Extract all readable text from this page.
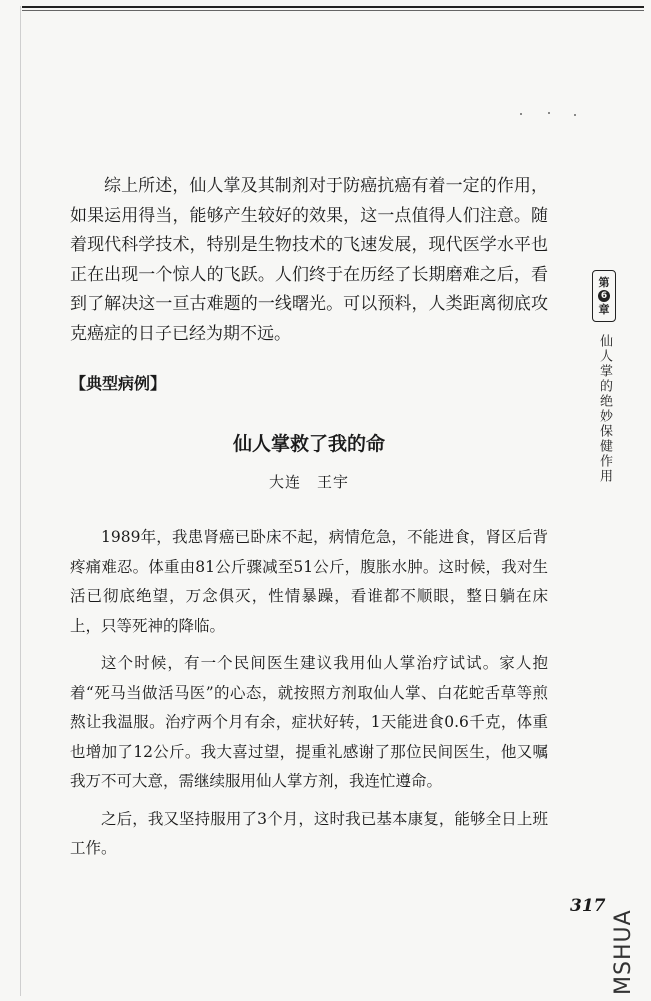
综上所述，仙人掌及其制剂对于防癌抗癌有着一定的作用，如果运用得当，能够产生较好的效果，这一点值得人们注意。随着现代科学技术，特别是生物技术的飞速发展，现代医学水平也正在出现一个惊人的飞跃。人们终于在历经了长期磨难之后，看到了解决这一亘古难题的一线曙光。可以预料，人类距离彻底攻克癌症的日子已经为期不远。
【典型病例】
仙人掌救了我的命
大连　王宇

1989年，我患肾癌已卧床不起，病情危急，不能进食，肾区后背疼痛难忍。体重由81公斤骤减至51公斤，腹胀水肿。这时候，我对生活已彻底绝望，万念俱灭，性情暴躁，看谁都不顺眼，整日躺在床上，只等死神的降临。

这个时候，有一个民间医生建议我用仙人掌治疗试试。家人抱着“死马当做活马医”的心态，就按照方剂取仙人掌、白花蛇舌草等煎熬让我温服。治疗两个月有余，症状好转，1天能进食0.6千克，体重也增加了12公斤。我大喜过望，提重礼感谢了那位民间医生，他又嘱我万不可大意，需继续服用仙人掌方剂，我连忙遵命。

之后，我又坚持服用了3个月，这时我已基本康复，能够全日上班工作。

第
6
章
仙人掌的绝妙保健作用
317
MSHUA
